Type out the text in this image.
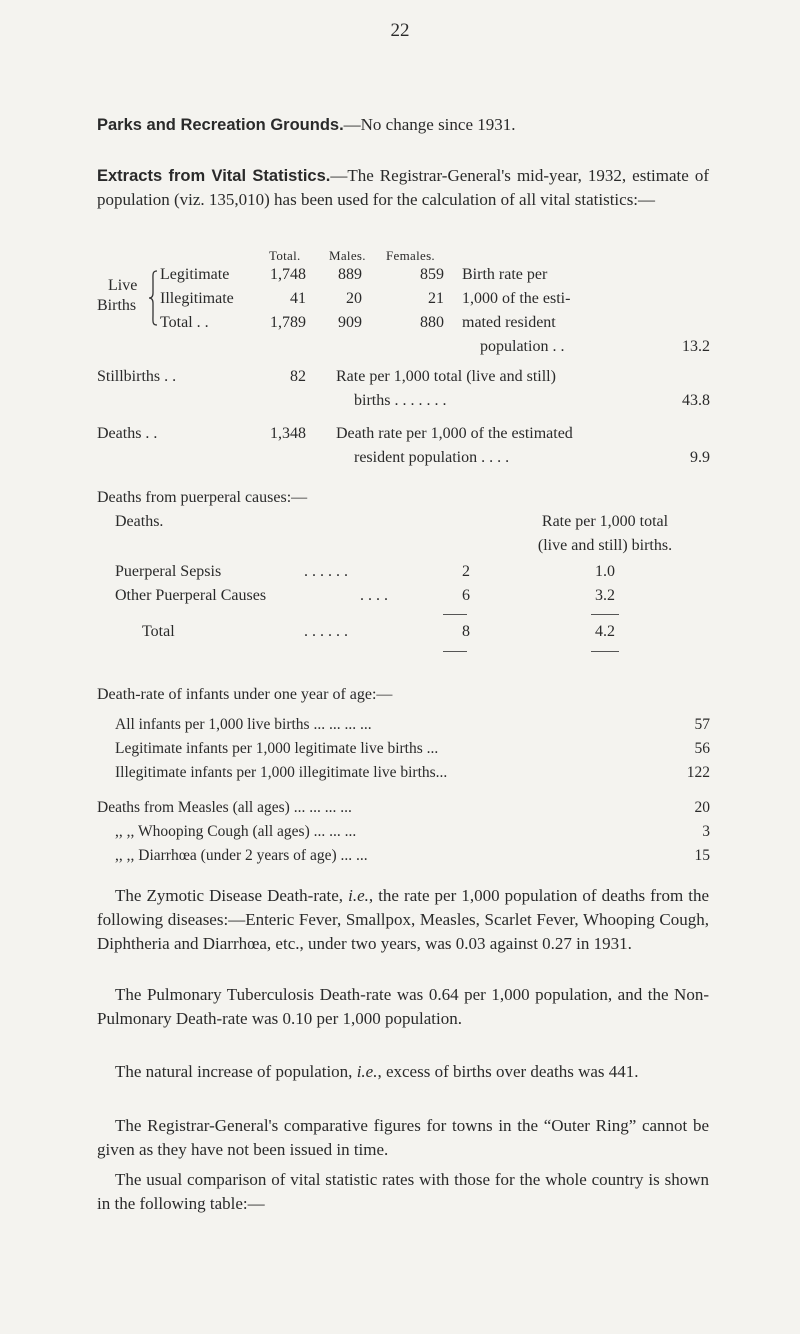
22
Parks and Recreation Grounds.—No change since 1931.
Extracts from Vital Statistics.—The Registrar-General's mid-year, 1932, estimate of population (viz. 135,010) has been used for the calculation of all vital statistics:—
Total. Males. Females.
Live
Births
Legitimate	1,748	889	859
Illegitimate	41	20	21
Total . .	1,789	909	880
Birth rate per
1,000 of the esti-
mated resident
population . .	13.2
Stillbirths . .	82 Rate per 1,000 total (live and still)
births . . . . . . .	43.8
Deaths . .	1,348 Death rate per 1,000 of the estimated
resident population . . . .	9.9
Deaths from puerperal causes:—
Deaths.	Rate per 1,000 total
(live and still) births.
Puerperal Sepsis	. . . . . .	2	1.0
Other Puerperal Causes	. . . .	6	3.2
Total	. . . . . .	8	4.2
Death-rate of infants under one year of age:—
All infants per 1,000 live births ... ... ... ...	57
Legitimate infants per 1,000 legitimate live births ...	56
Illegitimate infants per 1,000 illegitimate live births...	122
Deaths from Measles (all ages) ... ... ... ...	20
,, ,, Whooping Cough (all ages) ... ... ...	3
,, ,, Diarrhœa (under 2 years of age) ... ...	15
The Zymotic Disease Death-rate, i.e., the rate per 1,000 population of deaths from the following diseases:—Enteric Fever, Smallpox, Measles, Scarlet Fever, Whooping Cough, Diphtheria and Diarrhœa, etc., under two years, was 0.03 against 0.27 in 1931.
The Pulmonary Tuberculosis Death-rate was 0.64 per 1,000 population, and the Non-Pulmonary Death-rate was 0.10 per 1,000 population.
The natural increase of population, i.e., excess of births over deaths was 441.
The Registrar-General's comparative figures for towns in the “Outer Ring” cannot be given as they have not been issued in time.
The usual comparison of vital statistic rates with those for the whole country is shown in the following table:—
